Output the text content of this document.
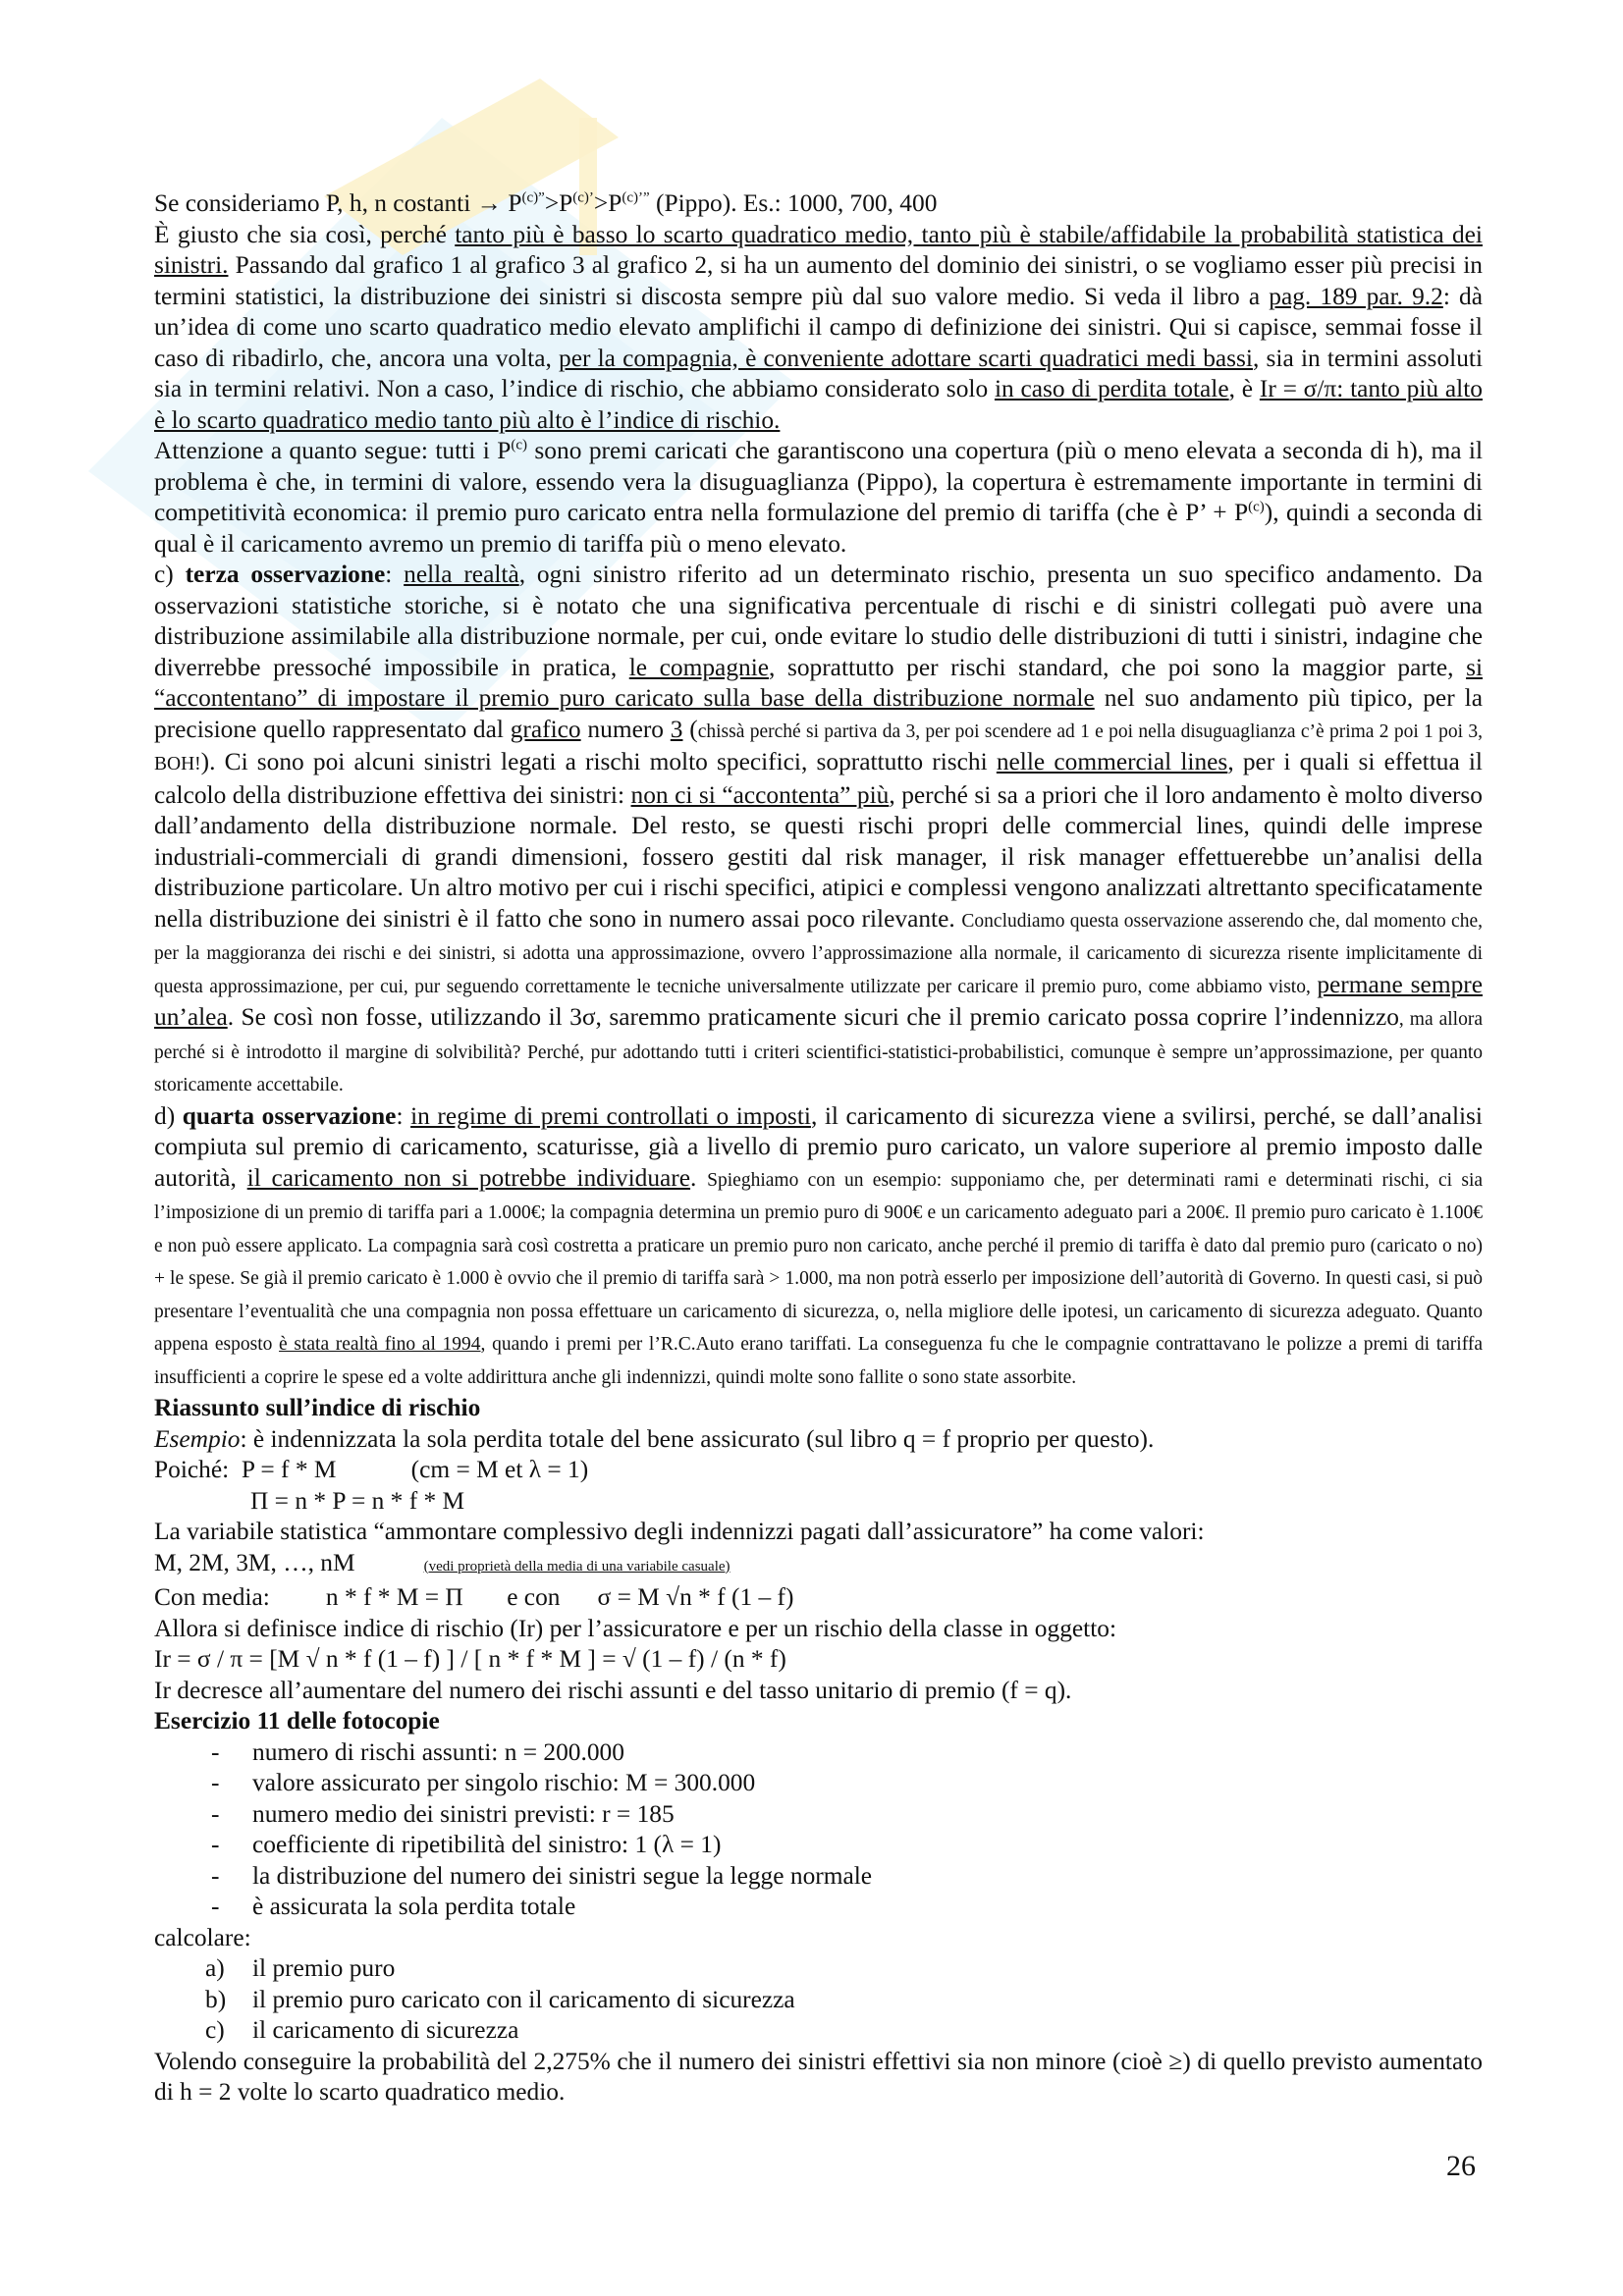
Se consideriamo P, h, n costanti → $P^{(c)”}>P^{(c)’}>P^{(c)’”}$ (Pippo). Es.: 1000, 700, 400

È giusto che sia così, perché tanto più è basso lo scarto quadratico medio, tanto più è stabile/affidabile la probabilità statistica dei sinistri. Passando dal grafico 1 al grafico 3 al grafico 2, si ha un aumento del dominio dei sinistri, o se vogliamo esser più precisi in termini statistici, la distribuzione dei sinistri si discosta sempre più dal suo valore medio. Si veda il libro a pag. 189 par. 9.2: dà un’idea di come uno scarto quadratico medio elevato amplifichi il campo di definizione dei sinistri. Qui si capisce, semmai fosse il caso di ribadirlo, che, ancora una volta, per la compagnia, è conveniente adottare scarti quadratici medi bassi, sia in termini assoluti sia in termini relativi. Non a caso, l’indice di rischio, che abbiamo considerato solo in caso di perdita totale, è Ir = σ/π: tanto più alto è lo scarto quadratico medio tanto più alto è l’indice di rischio.

Attenzione a quanto segue: tutti i $P^{(c)}$ sono premi caricati che garantiscono una copertura (più o meno elevata a seconda di h), ma il problema è che, in termini di valore, essendo vera la disuguaglianza (Pippo), la copertura è estremamente importante in termini di competitività economica: il premio puro caricato entra nella formulazione del premio di tariffa (che è P’ + $P^{(c)}$), quindi a seconda di qual è il caricamento avremo un premio di tariffa più o meno elevato.

c) terza osservazione: nella realtà, ogni sinistro riferito ad un determinato rischio, presenta un suo specifico andamento. Da osservazioni statistiche storiche, si è notato che una significativa percentuale di rischi e di sinistri collegati può avere una distribuzione assimilabile alla distribuzione normale, per cui, onde evitare lo studio delle distribuzioni di tutti i sinistri, indagine che diverrebbe pressoché impossibile in pratica, le compagnie, soprattutto per rischi standard, che poi sono la maggior parte, si “accontentano” di impostare il premio puro caricato sulla base della distribuzione normale nel suo andamento più tipico, per la precisione quello rappresentato dal grafico numero 3 (chissà perché si partiva da 3, per poi scendere ad 1 e poi nella disuguaglianza c’è prima 2 poi 1 poi 3, BOH!). Ci sono poi alcuni sinistri legati a rischi molto specifici, soprattutto rischi nelle commercial lines, per i quali si effettua il calcolo della distribuzione effettiva dei sinistri: non ci si “accontenta” più, perché si sa a priori che il loro andamento è molto diverso dall’andamento della distribuzione normale. Del resto, se questi rischi propri delle commercial lines, quindi delle imprese industriali-commerciali di grandi dimensioni, fossero gestiti dal risk manager, il risk manager effettuerebbe un’analisi della distribuzione particolare. Un altro motivo per cui i rischi specifici, atipici e complessi vengono analizzati altrettanto specificatamente nella distribuzione dei sinistri è il fatto che sono in numero assai poco rilevante. Concludiamo questa osservazione asserendo che, dal momento che, per la maggioranza dei rischi e dei sinistri, si adotta una approssimazione, ovvero l’approssimazione alla normale, il caricamento di sicurezza risente implicitamente di questa approssimazione, per cui, pur seguendo correttamente le tecniche universalmente utilizzate per caricare il premio puro, come abbiamo visto, permane sempre un’alea. Se così non fosse, utilizzando il 3σ, saremmo praticamente sicuri che il premio caricato possa coprire l’indennizzo, ma allora perché si è introdotto il margine di solvibilità? Perché, pur adottando tutti i criteri scientifici-statistici-probabilistici, comunque è sempre un’approssimazione, per quanto storicamente accettabile.

d) quarta osservazione: in regime di premi controllati o imposti, il caricamento di sicurezza viene a svilirsi, perché, se dall’analisi compiuta sul premio di caricamento, scaturisse, già a livello di premio puro caricato, un valore superiore al premio imposto dalle autorità, il caricamento non si potrebbe individuare. Spieghiamo con un esempio: supponiamo che, per determinati rami e determinati rischi, ci sia l’imposizione di un premio di tariffa pari a 1.000€; la compagnia determina un premio puro di 900€ e un caricamento adeguato pari a 200€. Il premio puro caricato è 1.100€ e non può essere applicato. La compagnia sarà così costretta a praticare un premio puro non caricato, anche perché il premio di tariffa è dato dal premio puro (caricato o no) + le spese. Se già il premio caricato è 1.000 è ovvio che il premio di tariffa sarà > 1.000, ma non potrà esserlo per imposizione dell’autorità di Governo. In questi casi, si può presentare l’eventualità che una compagnia non possa effettuare un caricamento di sicurezza, o, nella migliore delle ipotesi, un caricamento di sicurezza adeguato. Quanto appena esposto è stata realtà fino al 1994, quando i premi per l’R.C.Auto erano tariffati. La conseguenza fu che le compagnie contrattavano le polizze a premi di tariffa insufficienti a coprire le spese ed a volte addirittura anche gli indennizzi, quindi molte sono fallite o sono state assorbite.

Riassunto sull’indice di rischio

Esempio: è indennizzata la sola perdita totale del bene assicurato (sul libro q = f proprio per questo).

Poiché:  P = f * M            (cm = M et λ = 1)

Π = n * P = n * f * M

La variabile statistica “ammontare complessivo degli indennizzi pagati dall’assicuratore” ha come valori:

M, 2M, 3M, …, nM	(vedi proprietà della media di una variabile casuale)

Con media:         n * f * M = Π       e con      σ = M √n * f (1 – f)

Allora si definisce indice di rischio (Ir) per l’assicuratore e per un rischio della classe in oggetto:

Ir = σ / π = [M √ n * f (1 – f) ] / [ n * f * M ] = √ (1 – f) / (n * f)

Ir decresce all’aumentare del numero dei rischi assunti e del tasso unitario di premio (f = q).

Esercizio 11 delle fotocopie

- numero di rischi assunti: n = 200.000
- valore assicurato per singolo rischio: M = 300.000
- numero medio dei sinistri previsti: r = 185
- coefficiente di ripetibilità del sinistro: 1 (λ = 1)
- la distribuzione del numero dei sinistri segue la legge normale
- è assicurata la sola perdita totale

calcolare:

a) il premio puro
b) il premio puro caricato con il caricamento di sicurezza
c) il caricamento di sicurezza

Volendo conseguire la probabilità del 2,275% che il numero dei sinistri effettivi sia non minore (cioè ≥) di quello previsto aumentato di h = 2 volte lo scarto quadratico medio.

26
